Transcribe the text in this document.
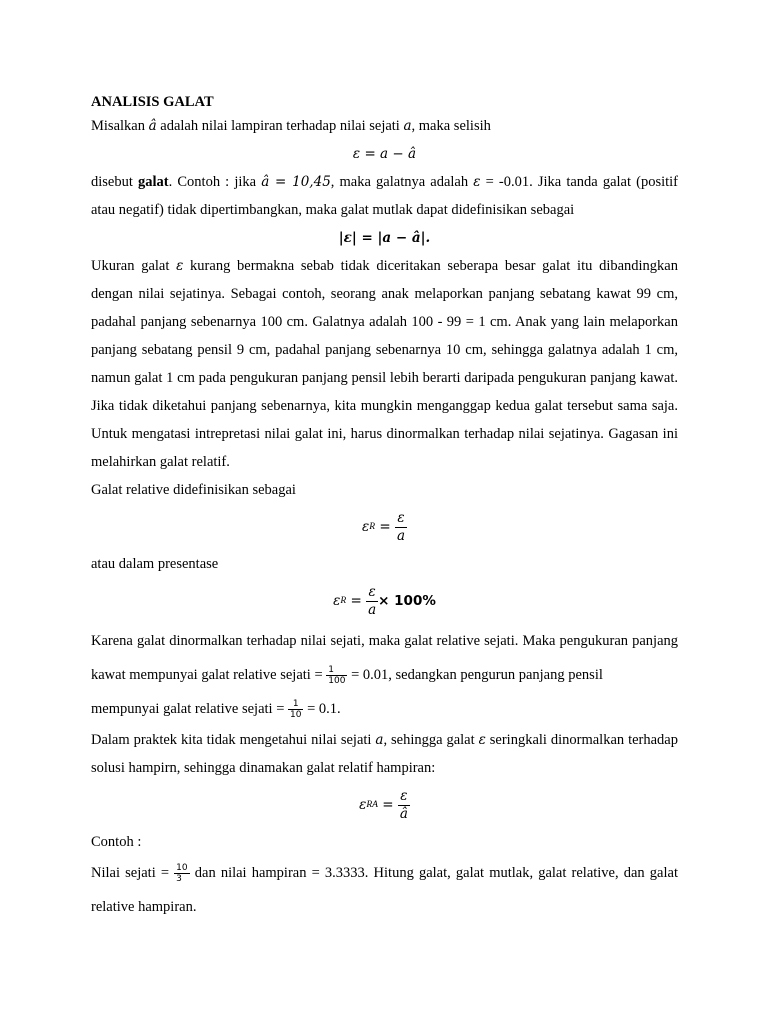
ANALISIS GALAT

Misalkan â adalah nilai lampiran terhadap nilai sejati a, maka selisih

ε = a − â

disebut galat. Contoh : jika â = 10,45, maka galatnya adalah ε = -0.01. Jika tanda galat (positif atau negatif) tidak dipertimbangkan, maka galat mutlak dapat didefinisikan sebagai

|ε| = |a − â|.

Ukuran galat ε kurang bermakna sebab tidak diceritakan seberapa besar galat itu dibandingkan dengan nilai sejatinya. Sebagai contoh, seorang anak melaporkan panjang sebatang kawat 99 cm, padahal panjang sebenarnya 100 cm. Galatnya adalah 100 - 99 = 1 cm. Anak yang lain melaporkan panjang sebatang pensil 9 cm, padahal panjang sebenarnya 10 cm, sehingga galatnya adalah 1 cm, namun galat 1 cm pada pengukuran panjang pensil lebih berarti daripada pengukuran panjang kawat. Jika tidak diketahui panjang sebenarnya, kita mungkin menganggap kedua galat tersebut sama saja. Untuk mengatasi intrepretasi nilai galat ini, harus dinormalkan terhadap nilai sejatinya. Gagasan ini melahirkan galat relatif.

Galat relative didefinisikan sebagai

ε $R = \frac{\varepsilon}{a}$

atau dalam presentase

ε $R = \frac{\varepsilon}{a} \times 100\%$

Karena galat dinormalkan terhadap nilai sejati, maka galat relative sejati. Maka pengukuran panjang kawat mempunyai galat relative sejati = $\frac{1}{100} = 0.01$, sedangkan pengurun panjang pensil

mempunyai galat relative sejati = $\frac{1}{10} = 0.1$.

Dalam praktek kita tidak mengetahui nilai sejati a, sehingga galat ε seringkali dinormalkan terhadap solusi hampirn, sehingga dinamakan galat relatif hampiran:

ε RA = $\frac{\varepsilon}{â}$

Contoh :

Nilai sejati = $\frac{10}{3}$ dan nilai hampiran = 3.3333. Hitung galat, galat mutlak, galat relative, dan galat relative hampiran.
